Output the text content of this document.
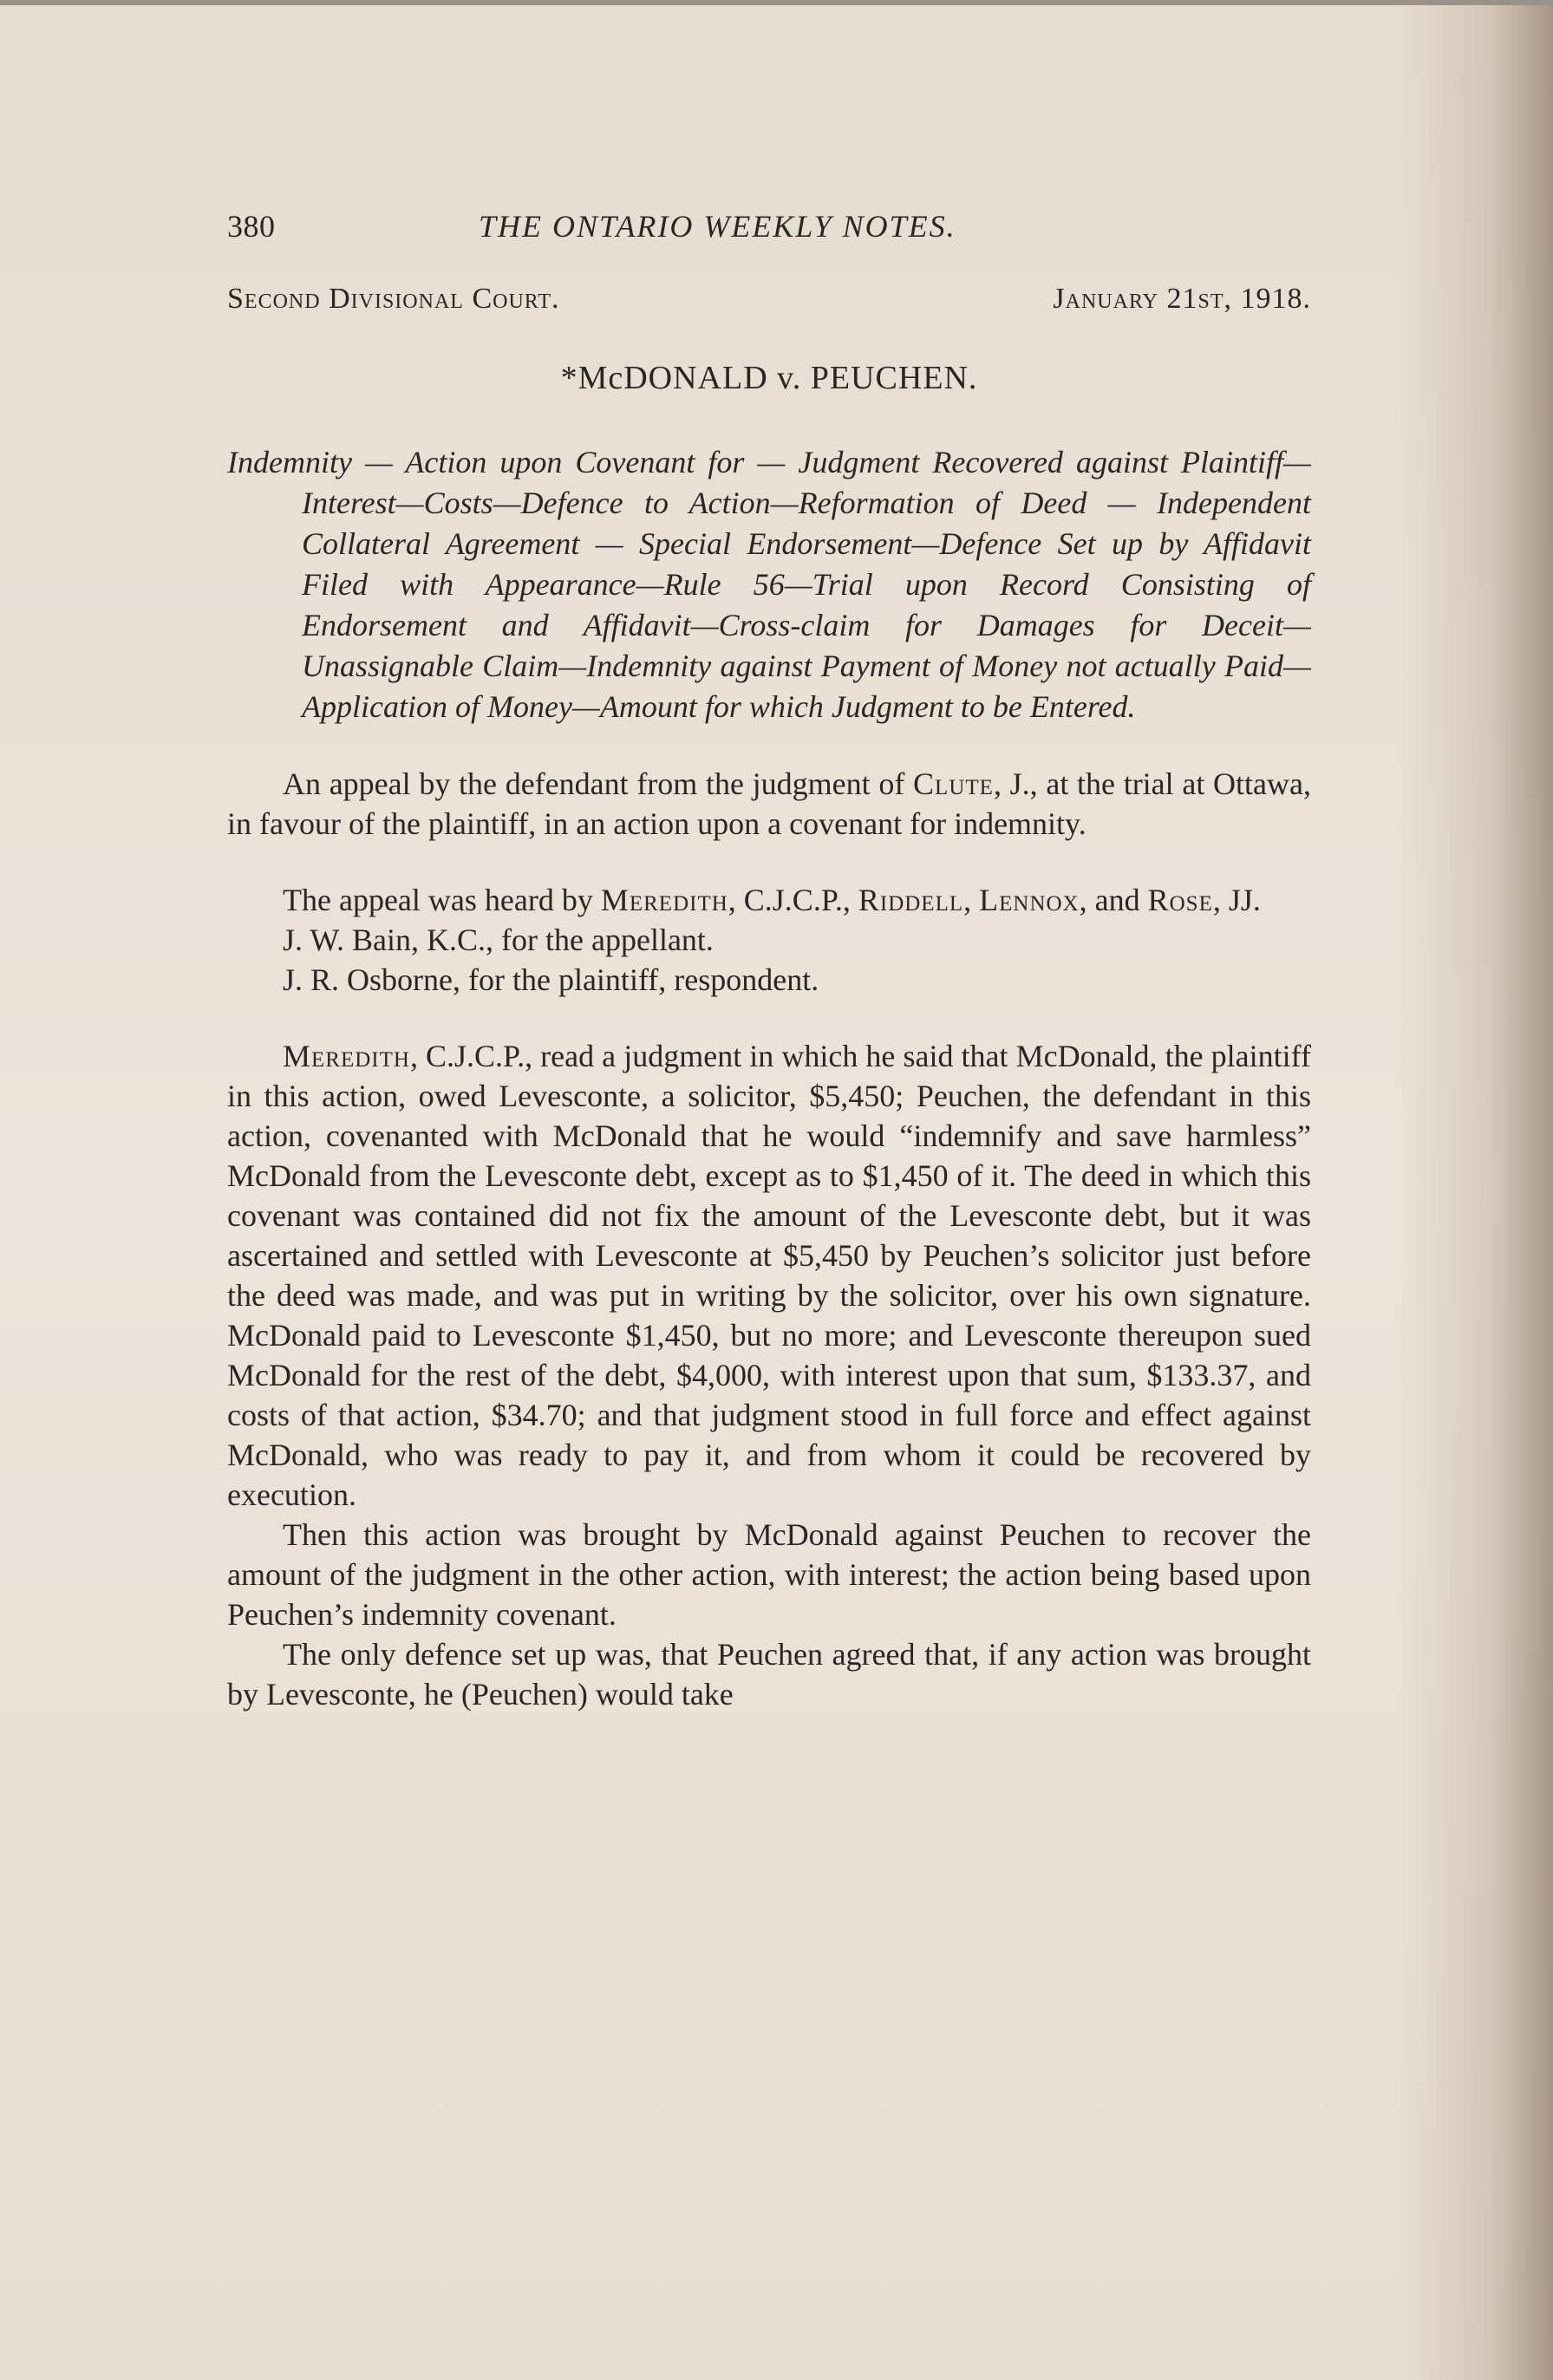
380	THE ONTARIO WEEKLY NOTES.
Second Divisional Court.	January 21st, 1918.
*McDONALD v. PEUCHEN.
Indemnity — Action upon Covenant for — Judgment Recovered against Plaintiff—Interest—Costs—Defence to Action—Reformation of Deed — Independent Collateral Agreement — Special Endorsement—Defence Set up by Affidavit Filed with Appearance—Rule 56—Trial upon Record Consisting of Endorsement and Affidavit—Cross-claim for Damages for Deceit—Unassignable Claim—Indemnity against Payment of Money not actually Paid—Application of Money—Amount for which Judgment to be Entered.

An appeal by the defendant from the judgment of Clute, J., at the trial at Ottawa, in favour of the plaintiff, in an action upon a covenant for indemnity.

The appeal was heard by Meredith, C.J.C.P., Riddell, Lennox, and Rose, JJ.

J. W. Bain, K.C., for the appellant.

J. R. Osborne, for the plaintiff, respondent.

Meredith, C.J.C.P., read a judgment in which he said that McDonald, the plaintiff in this action, owed Levesconte, a solicitor, $5,450; Peuchen, the defendant in this action, covenanted with McDonald that he would “indemnify and save harmless” McDonald from the Levesconte debt, except as to $1,450 of it. The deed in which this covenant was contained did not fix the amount of the Levesconte debt, but it was ascertained and settled with Levesconte at $5,450 by Peuchen’s solicitor just before the deed was made, and was put in writing by the solicitor, over his own signature. McDonald paid to Levesconte $1,450, but no more; and Levesconte thereupon sued McDonald for the rest of the debt, $4,000, with interest upon that sum, $133.37, and costs of that action, $34.70; and that judgment stood in full force and effect against McDonald, who was ready to pay it, and from whom it could be recovered by execution.

Then this action was brought by McDonald against Peuchen to recover the amount of the judgment in the other action, with interest; the action being based upon Peuchen’s indemnity covenant.

The only defence set up was, that Peuchen agreed that, if any action was brought by Levesconte, he (Peuchen) would take
